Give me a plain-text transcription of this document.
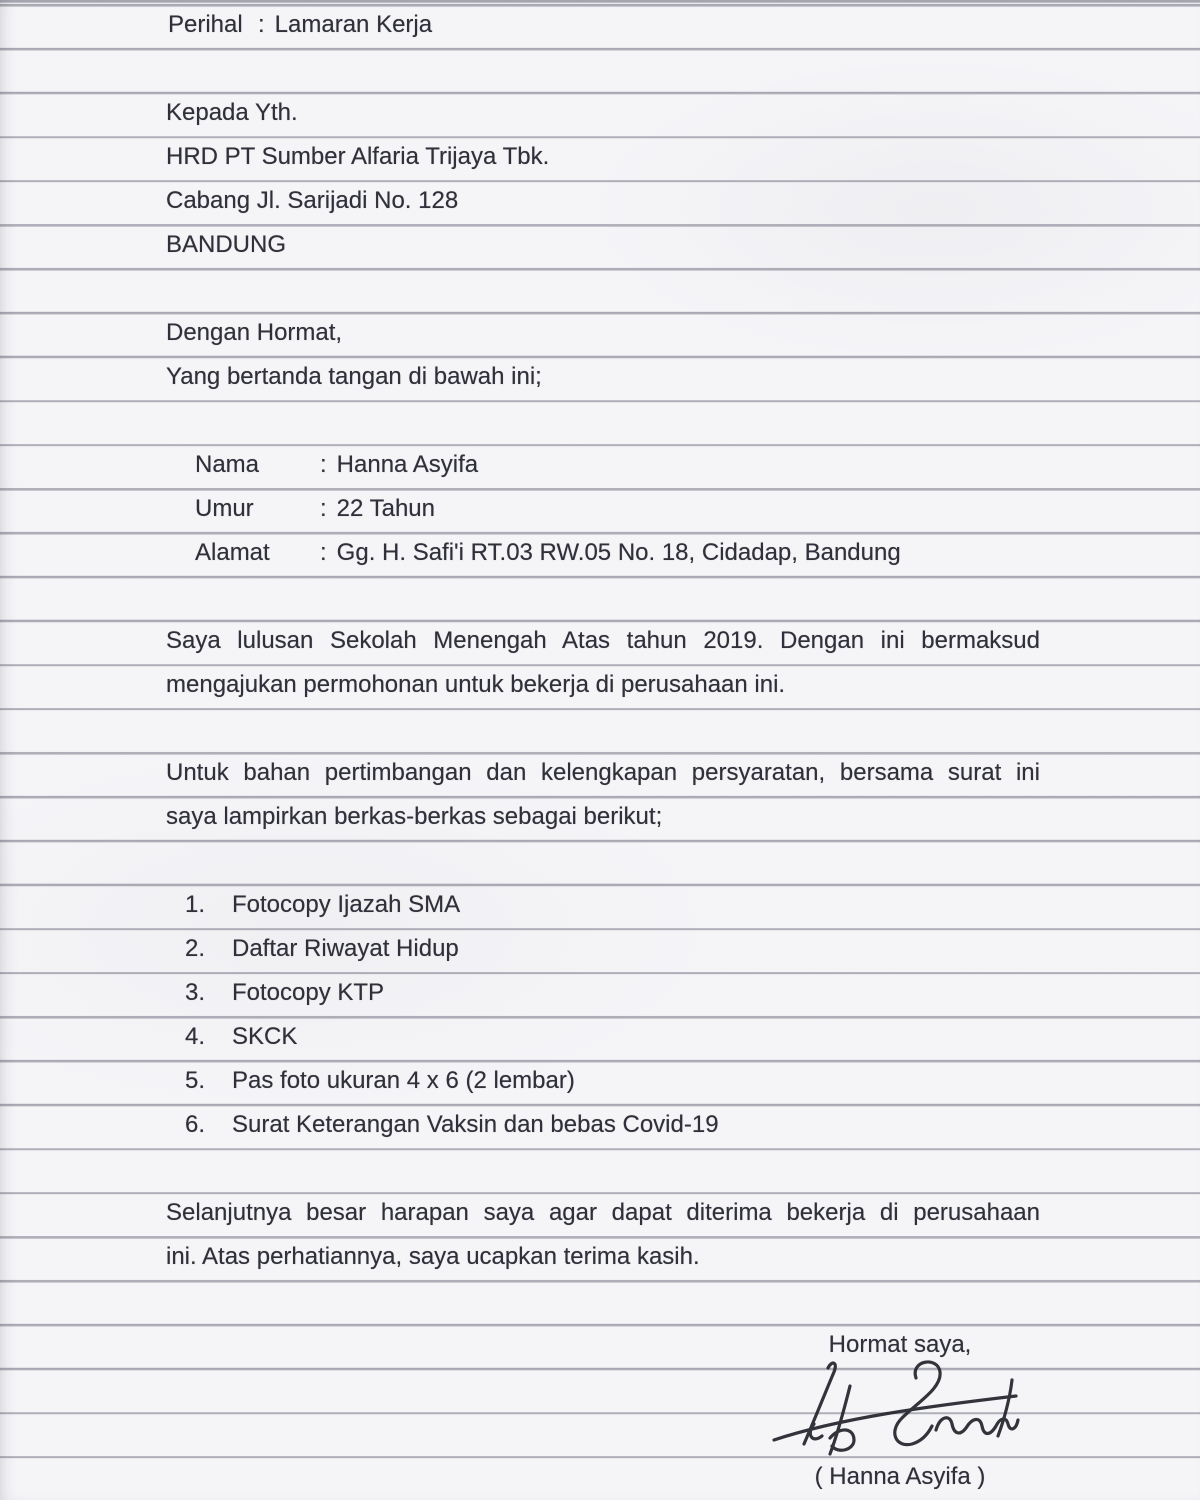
Perihal : Lamaran Kerja
Kepada Yth.
HRD PT Sumber Alfaria Trijaya Tbk.
Cabang Jl. Sarijadi No. 128
BANDUNG
Dengan Hormat,
Yang bertanda tangan di bawah ini;
Nama	: Hanna Asyifa
Umur	: 22 Tahun
Alamat : Gg. H. Safi'i RT.03 RW.05 No. 18, Cidadap, Bandung
Saya lulusan Sekolah Menengah Atas tahun 2019. Dengan ini bermaksud
mengajukan permohonan untuk bekerja di perusahaan ini.
Untuk bahan pertimbangan dan kelengkapan persyaratan, bersama surat ini
saya lampirkan berkas-berkas sebagai berikut;
1. Fotocopy Ijazah SMA
2. Daftar Riwayat Hidup
3. Fotocopy KTP
4. SKCK
5. Pas foto ukuran 4 x 6 (2 lembar)
6. Surat Keterangan Vaksin dan bebas Covid-19
Selanjutnya besar harapan saya agar dapat diterima bekerja di perusahaan
ini. Atas perhatiannya, saya ucapkan terima kasih.
Hormat saya,
( Hanna Asyifa )
